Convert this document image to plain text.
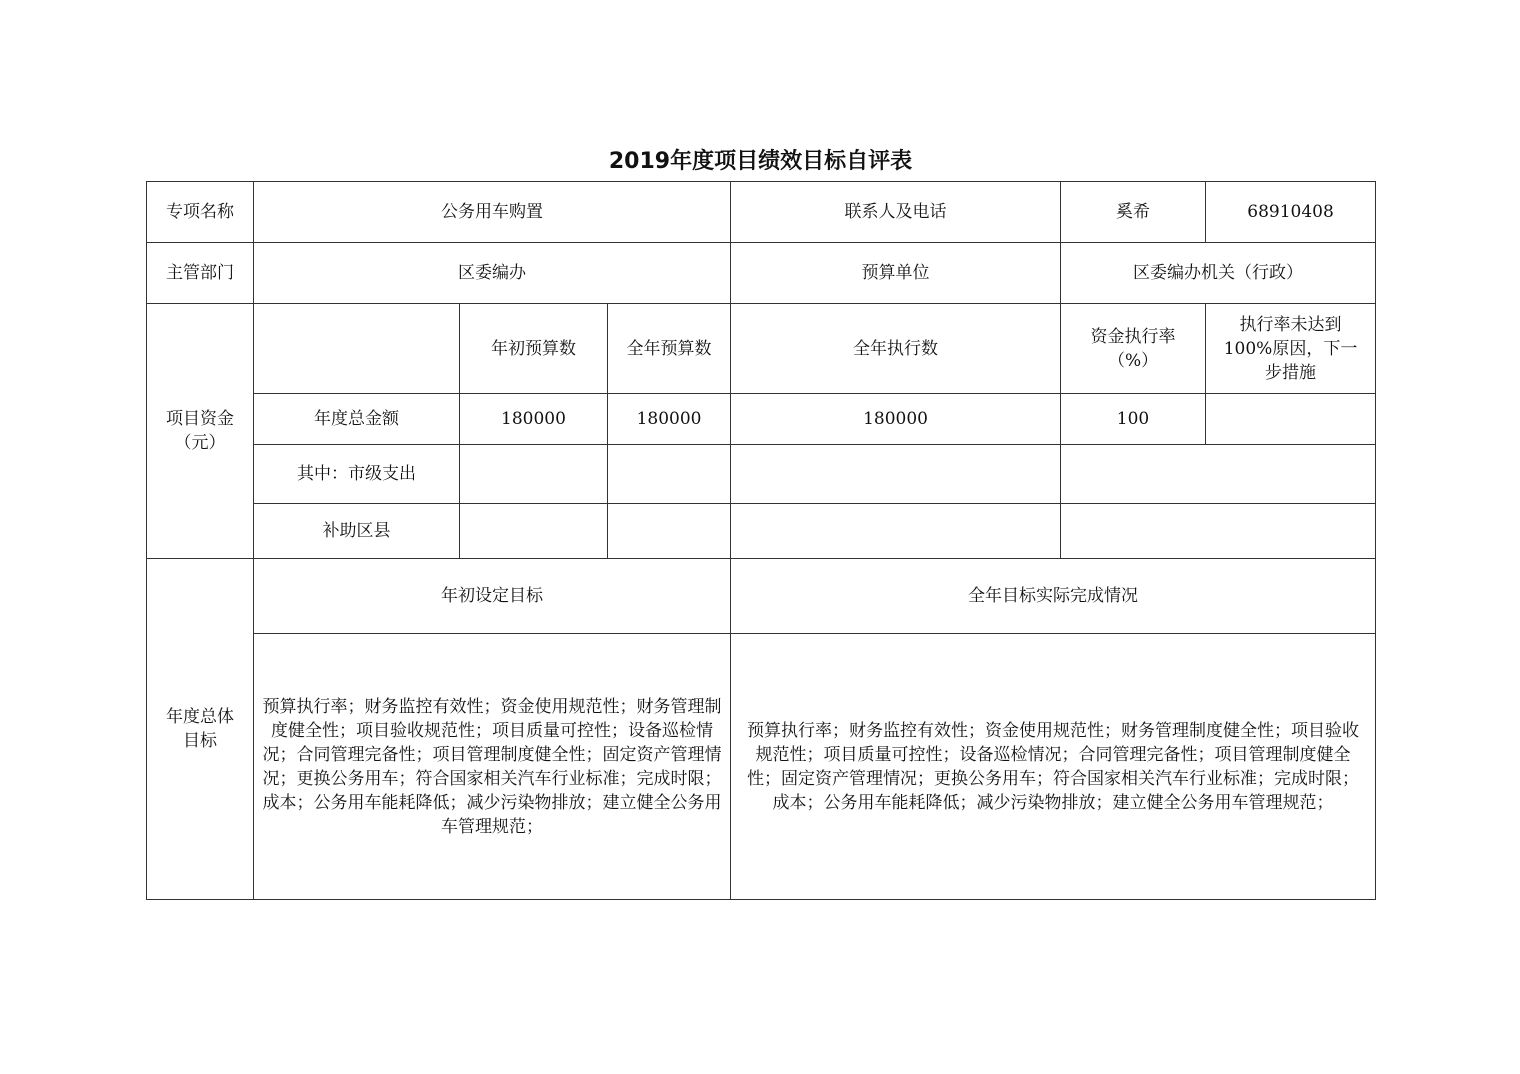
2019年度项目绩效目标自评表
专项名称	公务用车购置			联系人及电话	奚希	68910408
主管部门	区委编办			预算单位	区委编办机关（行政）	
项目资金（元）		年初预算数	全年预算数	全年执行数	资金执行率（%）	执行率未达到100%原因，下一步措施
	年度总金额	180000	180000	180000	100	
	其中：市级支出					
	补助区县					
年度总体目标	年初设定目标			全年目标实际完成情况		
	预算执行率；财务监控有效性；资金使用规范性；财务管理制度健全性；项目验收规范性；项目质量可控性；设备巡检情况；合同管理完备性；项目管理制度健全性；固定资产管理情况；更换公务用车；符合国家相关汽车行业标准；完成时限；成本；公务用车能耗降低；减少污染物排放；建立健全公务用车管理规范；			预算执行率；财务监控有效性；资金使用规范性；财务管理制度健全性；项目验收规范性；项目质量可控性；设备巡检情况；合同管理完备性；项目管理制度健全性；固定资产管理情况；更换公务用车；符合国家相关汽车行业标准；完成时限；成本；公务用车能耗降低；减少污染物排放；建立健全公务用车管理规范；		
